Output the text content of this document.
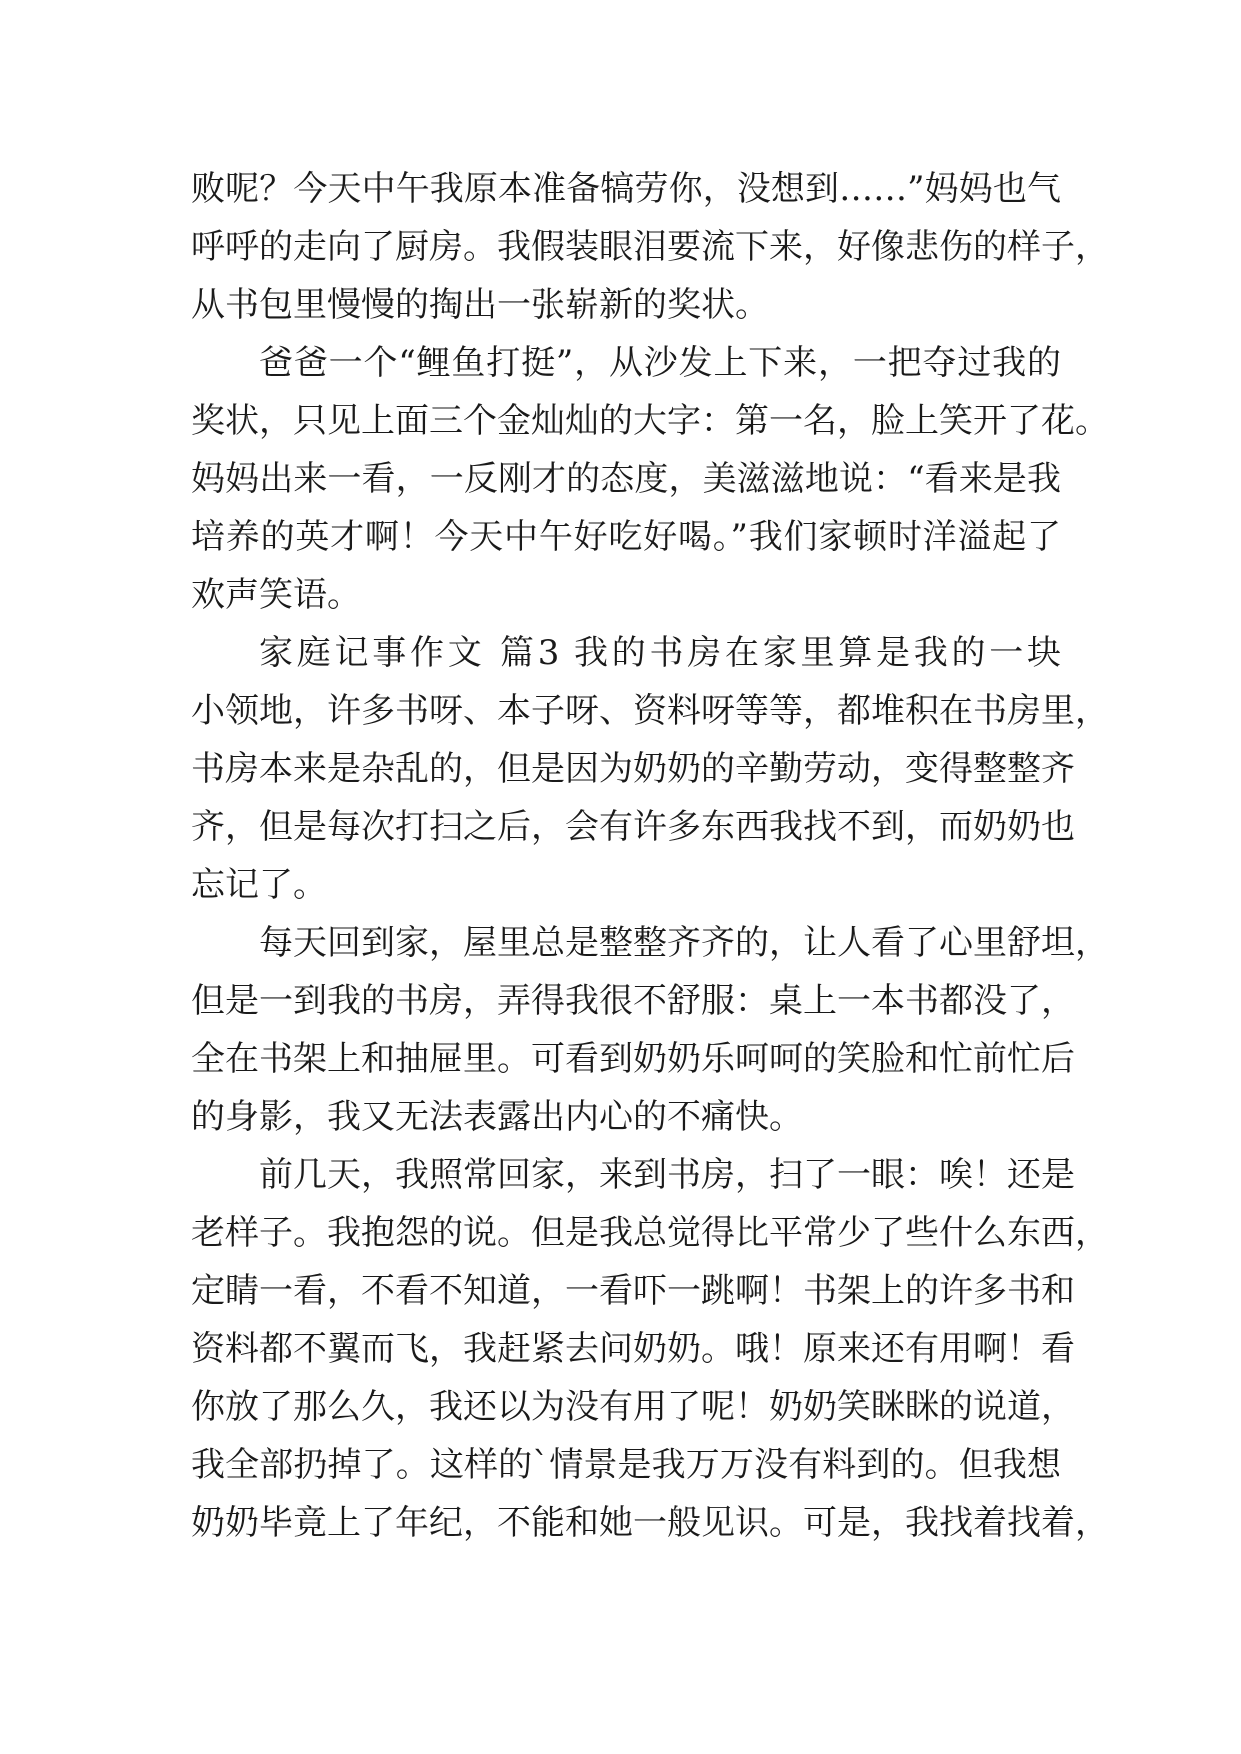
败呢？今天中午我原本准备犒劳你，没想到……”妈妈也气
呼呼的走向了厨房。我假装眼泪要流下来，好像悲伤的样子，
从书包里慢慢的掏出一张崭新的奖状。
爸爸一个“鲤鱼打挺”，从沙发上下来，一把夺过我的
奖状，只见上面三个金灿灿的大字：第一名，脸上笑开了花。
妈妈出来一看，一反刚才的态度，美滋滋地说：“看来是我
培养的英才啊！今天中午好吃好喝。”我们家顿时洋溢起了
欢声笑语。
家庭记事作文 篇3 我的书房在家里算是我的一块
小领地，许多书呀、本子呀、资料呀等等，都堆积在书房里，
书房本来是杂乱的，但是因为奶奶的辛勤劳动，变得整整齐
齐，但是每次打扫之后，会有许多东西我找不到，而奶奶也
忘记了。
每天回到家，屋里总是整整齐齐的，让人看了心里舒坦，
但是一到我的书房，弄得我很不舒服：桌上一本书都没了，
全在书架上和抽屉里。可看到奶奶乐呵呵的笑脸和忙前忙后
的身影，我又无法表露出内心的不痛快。
前几天，我照常回家，来到书房，扫了一眼：唉！还是
老样子。我抱怨的说。但是我总觉得比平常少了些什么东西，
定睛一看，不看不知道，一看吓一跳啊！书架上的许多书和
资料都不翼而飞，我赶紧去问奶奶。哦！原来还有用啊！看
你放了那么久，我还以为没有用了呢！奶奶笑眯眯的说道，
我全部扔掉了。这样的`情景是我万万没有料到的。但我想
奶奶毕竟上了年纪，不能和她一般见识。可是，我找着找着，
